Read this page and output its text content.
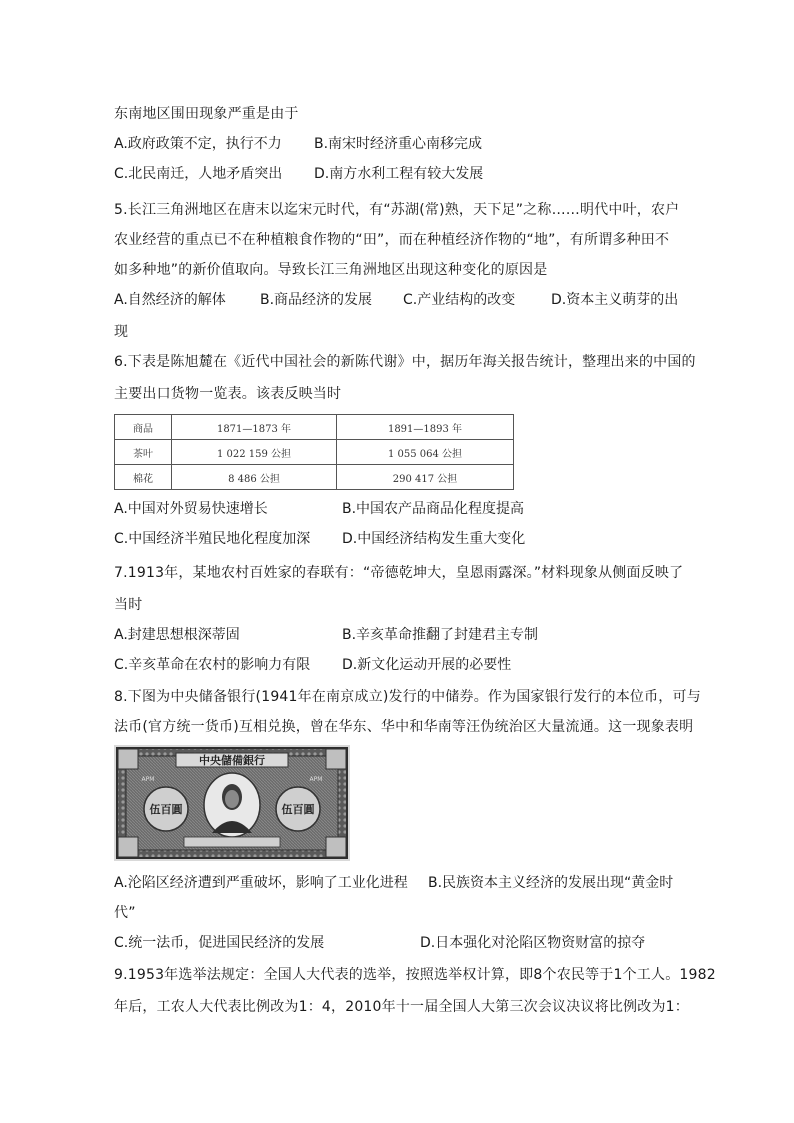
东南地区围田现象严重是由于
A.政府政策不定，执行不力 B.南宋时经济重心南移完成
C.北民南迁，人地矛盾突出 D.南方水利工程有较大发展
5.长江三角洲地区在唐末以迄宋元时代，有“苏湖(常)熟，天下足”之称……明代中叶，农户
农业经营的重点已不在种植粮食作物的“田”，而在种植经济作物的“地”，有所谓多种田不
如多种地”的新价值取向。导致长江三角洲地区出现这种变化的原因是
A.自然经济的解体 B.商品经济的发展 C.产业结构的改变	D.资本主义萌芽的出
现
6.下表是陈旭麓在《近代中国社会的新陈代谢》中，据历年海关报告统计，整理出来的中国的
主要出口货物一览表。该表反映当时
商品	1871—1873 年	1891—1893 年
茶叶	1 022 159 公担	1 055 064 公担
棉花	8 486 公担	290 417 公担
A.中国对外贸易快速增长	B.中国农产品商品化程度提高
C.中国经济半殖民地化程度加深 D.中国经济结构发生重大变化
7.1913年，某地农村百姓家的春联有：“帝德乾坤大，皇恩雨露深。”材料现象从侧面反映了
当时
A.封建思想根深蒂固	B.辛亥革命推翻了封建君主专制
C.辛亥革命在农村的影响力有限 D.新文化运动开展的必要性
8.下图为中央储备银行(1941年在南京成立)发行的中储券。作为国家银行发行的本位币，可与
法币(官方统一货币)互相兑换，曾在华东、华中和华南等汪伪统治区大量流通。这一现象表明
中央儲備銀行
APM	APM
伍百圓	伍百圓
A.沦陷区经济遭到严重破坏，影响了工业化进程 B.民族资本主义经济的发展出现“黄金时
代”
C.统一法币，促进国民经济的发展	D.日本强化对沦陷区物资财富的掠夺
9.1953年选举法规定：全国人大代表的选举，按照选举权计算，即8个农民等于1个工人。1982
年后，工农人大代表比例改为1：4，2010年十一届全国人大第三次会议决议将比例改为1：
